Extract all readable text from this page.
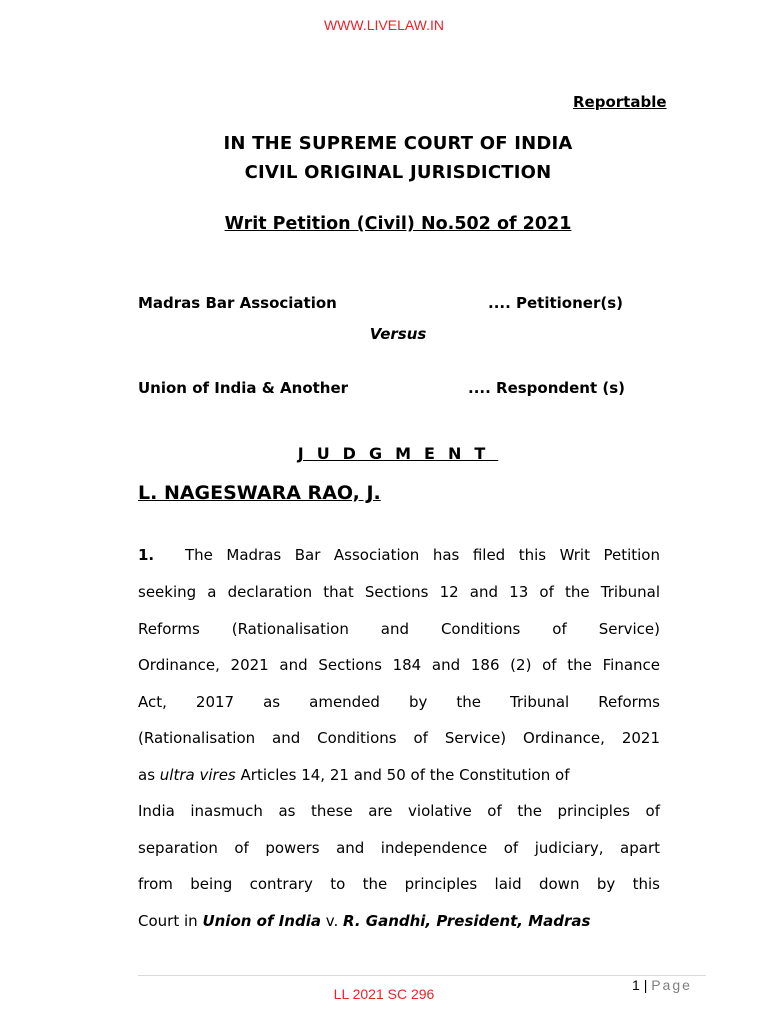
WWW.LIVELAW.IN
Reportable
IN THE SUPREME COURT OF INDIA
CIVIL ORIGINAL JURISDICTION
Writ Petition (Civil) No.502 of 2021
Madras Bar Association	.... Petitioner(s)
Versus
Union of India & Another	.... Respondent (s)
JUDGMENT
L. NAGESWARA RAO, J.
1. The Madras Bar Association has filed this Writ Petition
seeking a declaration that Sections 12 and 13 of the Tribunal
Reforms (Rationalisation and Conditions of Service)
Ordinance, 2021 and Sections 184 and 186 (2) of the Finance
Act, 2017 as amended by the Tribunal Reforms
(Rationalisation and Conditions of Service) Ordinance, 2021
as ultra vires Articles 14, 21 and 50 of the Constitution of
India inasmuch as these are violative of the principles of
separation of powers and independence of judiciary, apart
from being contrary to the principles laid down by this
Court in Union of India v. R. Gandhi, President, Madras
1 | Page
LL 2021 SC 296
